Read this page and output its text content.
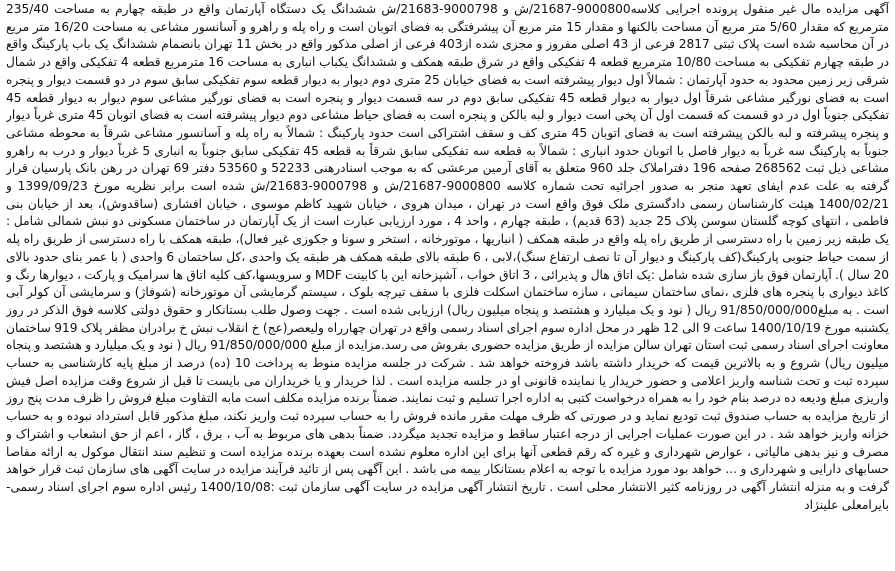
آگهی مزایده مال غیر منقول پرونده اجرایی کلاسه9000800-21687/ش و 9000798-21683/ش ششدانگ یک دستگاه آپارتمان واقع در طبقه چهارم به مساحت 235/40 مترمربع که مقدار 5/60 متر مربع آن مساحت بالکنها و مقدار 15 متر مربع آن پیشرفتگی به فضای اتوبان است و راه پله و راهرو و آسانسور مشاعی به مساحت 16/20 متر مربع در آن محاسبه شده است پلاک ثبتی 2817 فرعی از 43 اصلی مفروز و مجزی شده از403 فرعی از اصلی مذکور واقع در بخش 11 تهران بانضمام ششدانگ یک باب پارکینگ واقع در طبقه چهارم تفکیکی به مساحت 10/80 مترمربع قطعه 4 تفکیکی واقع در شرق طبقه همکف و ششدانگ یکباب انباری به مساحت 16 مترمربع قطعه 4 تفکیکی واقع در شمال شرقی زیر زمین محدود به حدود آپارتمان : شمالاً اول دیوار پیشرفته است به فضای خیابان 25 متری دوم دیوار به دیوار قطعه سوم تفکیکی سابق سوم در دو قسمت دیوار و پنجره است به فضای نورگیر مشاعی شرقاً اول دیوار به دیوار قطعه 45 تفکیکی سابق دوم در سه قسمت دیوار و پنجره است به فضای نورگیر مشاعی سوم دیوار به دیوار قطعه 45 تفکیکی جنوباً اول در دو قسمت که قسمت اول آن پخی است دیوار و لبه بالکن و پنجره است به فضای حیاط مشاعی دوم دیوار پیشرفته است به فضای اتوبان 45 متری غرباً دیوار و پنجره پیشرفته و لبه بالکن پیشرفته است به فضای اتوبان 45 متری کف و سقف اشتراکی است حدود پارکینگ : شمالاً به راه پله و آسانسور مشاعی شرقاً به محوطه مشاعی جنوباً به پارکینگ سه غرباً به دیوار فاصل با اتوبان حدود انباری : شمالاً به قطعه سه تفکیکی سابق شرقاً به قطعه 45 تفکیکی سابق جنوباً به انباری 5 غرباً دیوار و درب به راهرو مشاعی ذیل ثبت 268562 صفحه 196 دفتراملاک جلد 960 متعلق به آقای آرمین مرعشی که به موجب اسنادرهنی 52233 و 53560 دفتر 69 تهران در رهن بانک پارسیان قرار گرفته به علت عدم ایفای تعهد منجر به صدور اجرائیه تحت شماره کلاسه 9000800-21687/ش و 9000798-21683/ش شده است برابر نظریه مورخ 1399/09/23 و 1400/02/21 هیئت کارشناسان رسمی دادگستری ملک فوق واقع است در تهران ، میدان هروی ، خیابان شهید کاظم موسوی ، خیابان افشاری (ساقدوش)، بعد از خیابان بنی فاطمی ، انتهای کوچه گلستان سوسن پلاک 25 جدید (63 قدیم) ، طبقه چهارم ، واحد 4 ، مورد ارزیابی عبارت است از یک آپارتمان در ساختمان مسکونی دو نبش شمالی شامل : یک طبقه زیر زمین با راه دسترسی از طریق راه پله واقع در طبقه همکف ( انباریها ، موتورخانه ، استخر و سونا و جکوزی غیر فعال)، طبقه همکف با راه دسترسی از طریق راه پله از سمت حیاط جنوبی پارکینگ(کف پارکینگ و دیوار آن تا نصف ارتفاع سنگ)،لابی ، 6 طبقه بالای طبقه همکف هر طبقه یک واحدی ،کل ساختمان 6 واحدی ( با عمر بنای حدود بالای 20 سال ). آپارتمان فوق باز سازی شده شامل :یک اتاق هال و پذیرائی ، 3 اتاق خواب ، آشپزخانه این با کابینت MDF و سرویسها،کف کلیه اتاق ها سرامیک و پارکت ، دیوارها رنگ و کاغذ دیواری با پنجره های فلزی ،نمای ساختمان سیمانی ، سازه ساختمان اسکلت فلزی با سقف تیرچه بلوک ، سیستم گرمایشی آن موتورخانه (شوفاژ) و سرمایشی آن کولر آبی است . به مبلغ91/850/000/000 ریال ( نود و یک میلیارد و هشتصد و پنجاه میلیون ریال) ارزیابی شده است . جهت وصول طلب بستانکار و حقوق دولتی کلاسه فوق الذکر در روز یکشنبه مورخ 1400/10/19 ساعت 9 الی 12 ظهر در محل اداره سوم اجرای اسناد رسمی واقع در تهران چهارراه ولیعصر(عج) خ انقلاب نبش خ برادران مظفر پلاک 919 ساختمان معاونت اجرای اسناد رسمی ثبت استان تهران سالن مزایده از طریق مزایده حضوری بفروش می رسد.مزایده از مبلغ 91/850/000/000 ریال ( نود و یک میلیارد و هشتصد و پنجاه میلیون ریال) شروع و به بالاترین قیمت که خریدار داشته باشد فروخته خواهد شد . شرکت در جلسه مزایده منوط به پرداخت 10 (ده) درصد از مبلغ پایه کارشناسی به حساب سپرده ثبت و تحت شناسه واریز اعلامی و حضور خریدار یا نماینده قانونی او در جلسه مزایده است . لذا خریدار و یا خریداران می بایست تا قبل از شروع وقت مزایده اصل فیش واریزی مبلغ ودیعه ده درصد بنام خود را به همراه درخواست کتبی به اداره اجرا تسلیم و ثبت نمایند. ضمناً برنده مزایده مکلف است مابه التفاوت مبلغ فروش را ظرف مدت پنج روز از تاریخ مزایده به حساب صندوق ثبت تودیع نماید و در صورتی که ظرف مهلت مقرر مانده فروش را به حساب سپرده ثبت واریز نکند، مبلغ مذکور قابل استرداد نبوده و به حساب خزانه واریز خواهد شد . در این صورت عملیات اجرایی از درجه اعتبار ساقط و مزایده تجدید میگردد. ضمناً بدهی های مربوط به آب ، برق ، گاز ، اعم از حق انشعاب و اشتراک و مصرف و نیز بدهی مالیاتی ، عوارض شهرداری و غیره که رقم قطعی آنها برای این اداره معلوم نشده است بعهده برنده مزایده است و تنظیم سند انتقال موکول به ارائه مفاصا حسابهای دارایی و شهرداری و ... خواهد بود مورد مزایده با توجه به اعلام بستانکار بیمه می باشد . این آگهی پس از تائید فرآیند مزایده در سایت آگهی های سازمان ثبت قرار خواهد گرفت و به منزله انتشار آگهی در روزنامه کثیر الانتشار محلی است . تاریخ انتشار آگهی مزایده در سایت آگهی سازمان ثبت :1400/10/08 رئیس اداره سوم اجرای اسناد رسمی- بایرامعلی علینژاد
